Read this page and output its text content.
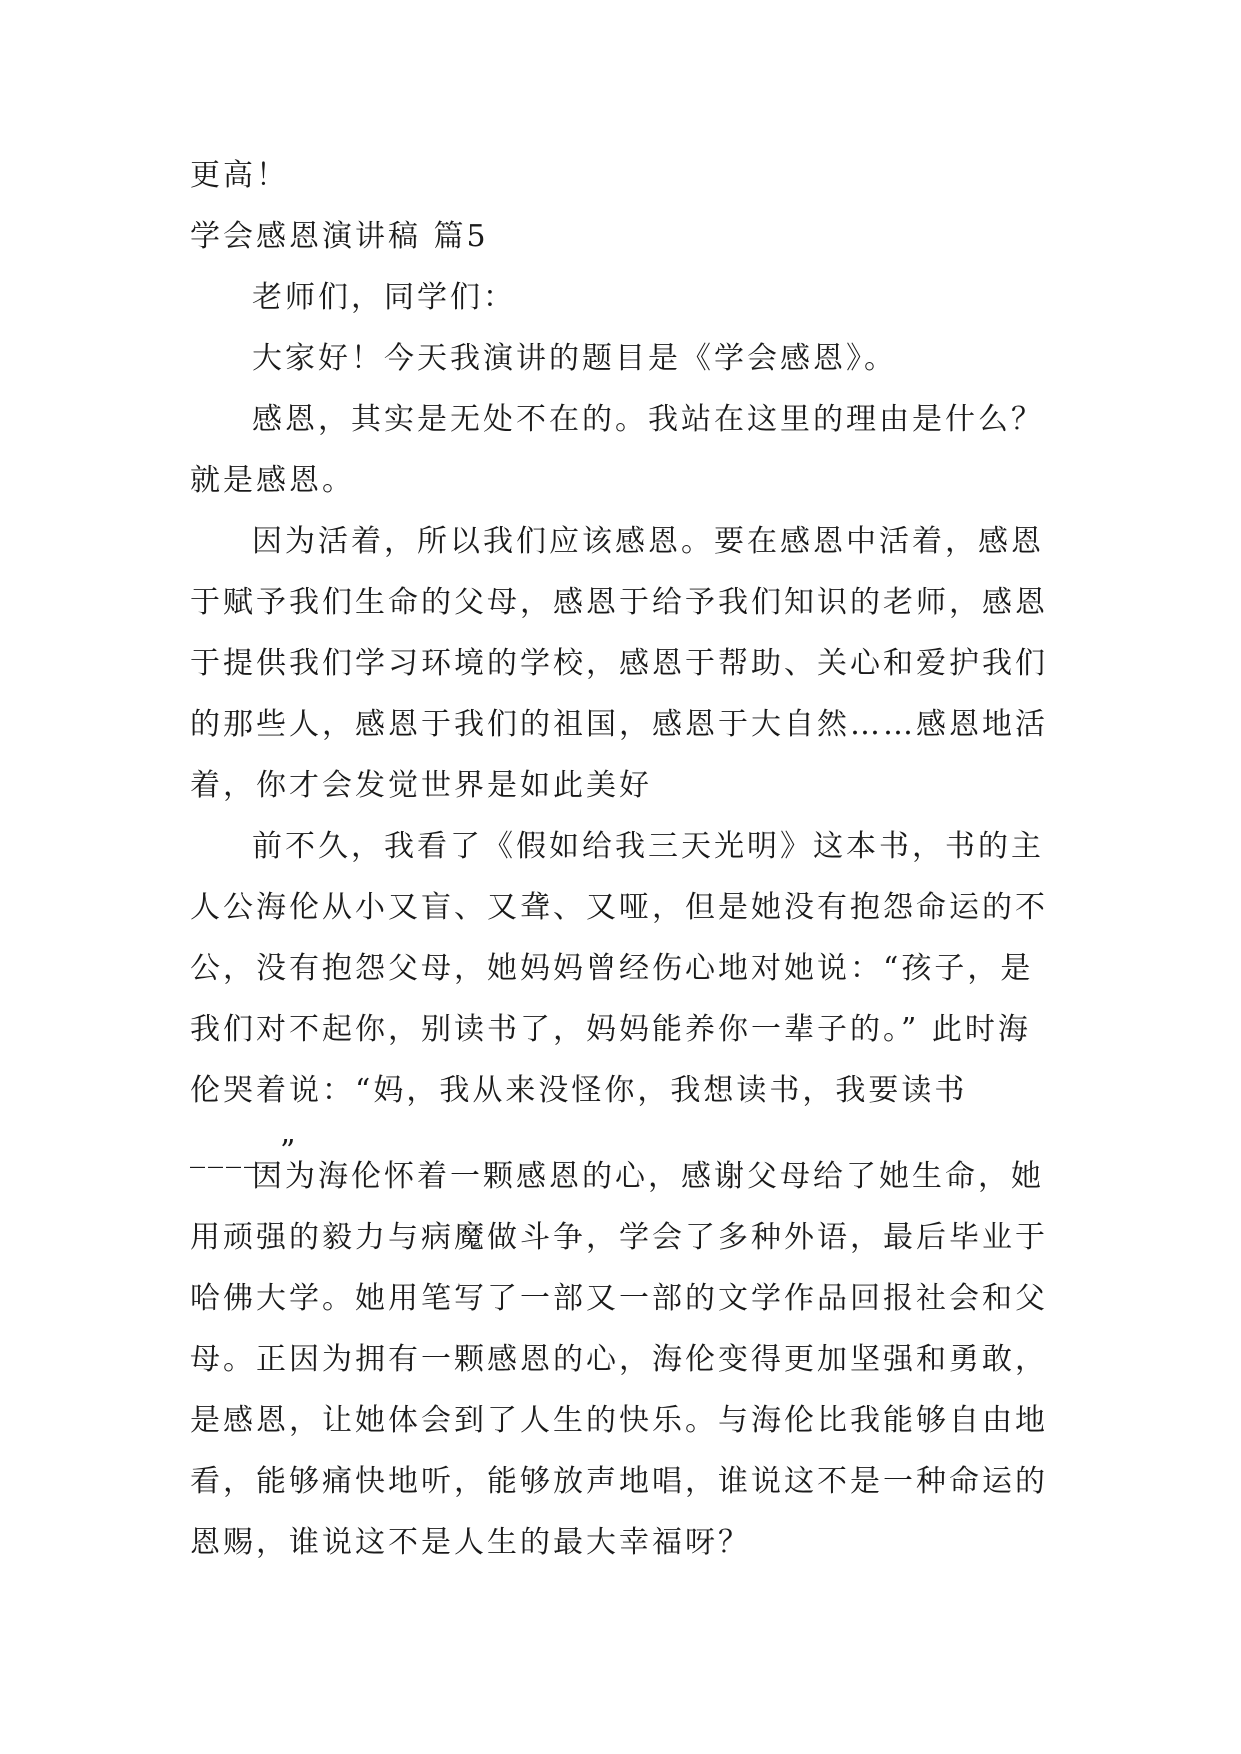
更高！
学会感恩演讲稿 篇5
老师们，同学们：
大家好！今天我演讲的题目是《学会感恩》。
感恩，其实是无处不在的。我站在这里的理由是什么？
就是感恩。
因为活着，所以我们应该感恩。要在感恩中活着，感恩
于赋予我们生命的父母，感恩于给予我们知识的老师，感恩
于提供我们学习环境的学校，感恩于帮助、关心和爱护我们
的那些人，感恩于我们的祖国，感恩于大自然……感恩地活
着，你才会发觉世界是如此美好
前不久，我看了《假如给我三天光明》这本书，书的主
人公海伦从小又盲、又聋、又哑，但是她没有抱怨命运的不
公，没有抱怨父母，她妈妈曾经伤心地对她说：“孩子，是
我们对不起你，别读书了，妈妈能养你一辈子的。” 此时海
伦哭着说：“妈，我从来没怪你，我想读书，我要读书
_____”
因为海伦怀着一颗感恩的心，感谢父母给了她生命，她
用顽强的毅力与病魔做斗争，学会了多种外语，最后毕业于
哈佛大学。她用笔写了一部又一部的文学作品回报社会和父
母。正因为拥有一颗感恩的心，海伦变得更加坚强和勇敢，
是感恩，让她体会到了人生的快乐。与海伦比我能够自由地
看，能够痛快地听，能够放声地唱，谁说这不是一种命运的
恩赐，谁说这不是人生的最大幸福呀？
